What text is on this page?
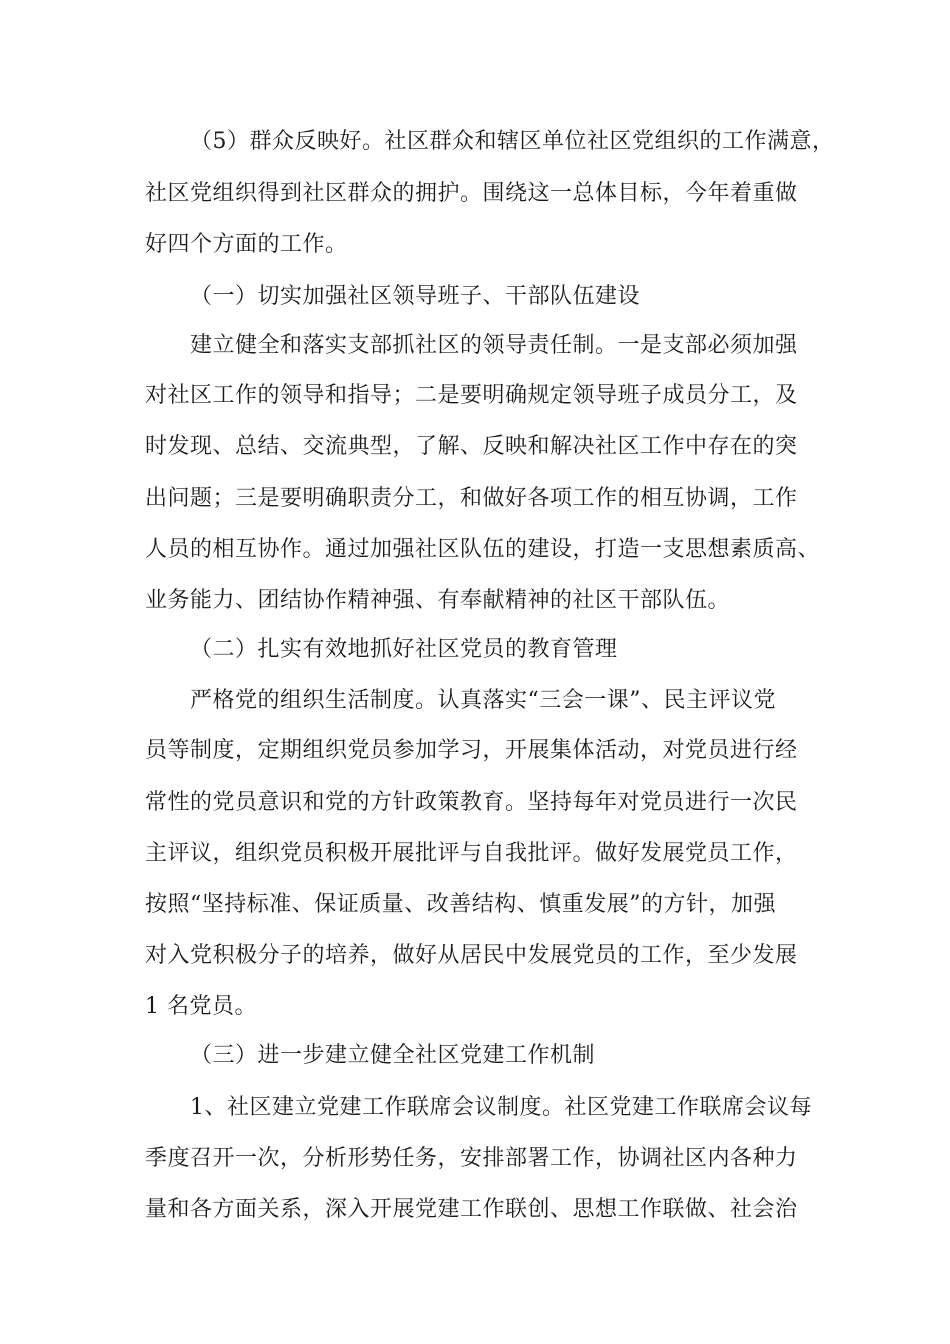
（5）群众反映好。社区群众和辖区单位社区党组织的工作满意，
社区党组织得到社区群众的拥护。围绕这一总体目标，今年着重做
好四个方面的工作。
（一）切实加强社区领导班子、干部队伍建设
建立健全和落实支部抓社区的领导责任制。一是支部必须加强
对社区工作的领导和指导；二是要明确规定领导班子成员分工，及
时发现、总结、交流典型，了解、反映和解决社区工作中存在的突
出问题；三是要明确职责分工，和做好各项工作的相互协调，工作
人员的相互协作。通过加强社区队伍的建设，打造一支思想素质高、
业务能力、团结协作精神强、有奉献精神的社区干部队伍。
（二）扎实有效地抓好社区党员的教育管理
严格党的组织生活制度。认真落实“三会一课”、民主评议党
员等制度，定期组织党员参加学习，开展集体活动，对党员进行经
常性的党员意识和党的方针政策教育。坚持每年对党员进行一次民
主评议，组织党员积极开展批评与自我批评。做好发展党员工作，
按照“坚持标准、保证质量、改善结构、慎重发展”的方针，加强
对入党积极分子的培养，做好从居民中发展党员的工作，至少发展
1 名党员。
（三）进一步建立健全社区党建工作机制
1、社区建立党建工作联席会议制度。社区党建工作联席会议每
季度召开一次，分析形势任务，安排部署工作，协调社区内各种力
量和各方面关系，深入开展党建工作联创、思想工作联做、社会治
